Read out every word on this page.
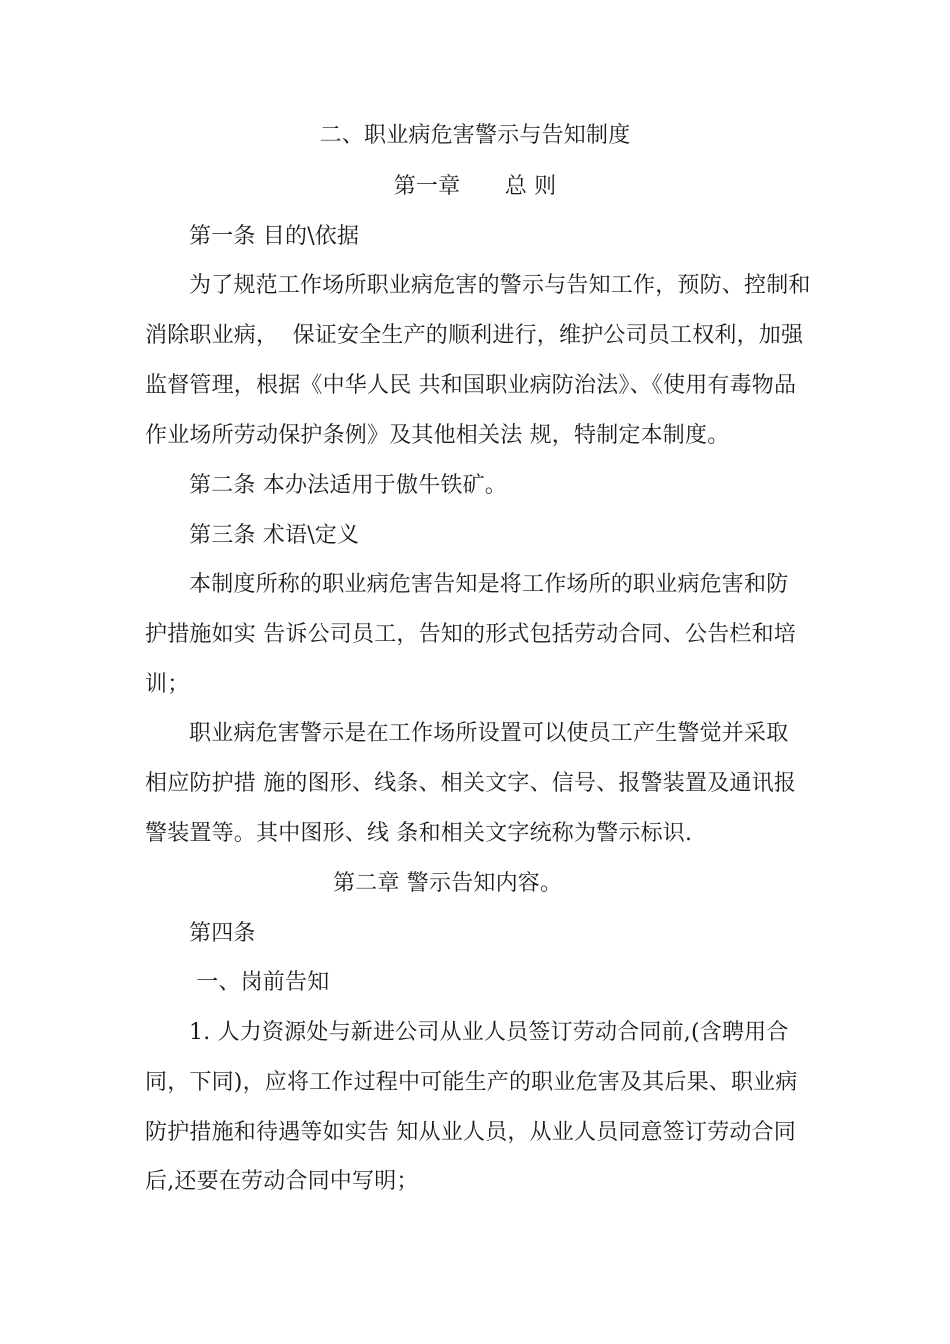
二、职业病危害警示与告知制度
第一章　　总 则
第一条 目的\依据
为了规范工作场所职业病危害的警示与告知工作，预防、控制和
消除职业病，  保证安全生产的顺利进行，维护公司员工权利，加强
监督管理，根据《中华人民 共和国职业病防治法》、《使用有毒物品
作业场所劳动保护条例》及其他相关法 规，特制定本制度。
第二条 本办法适用于傲牛铁矿。
第三条 术语\定义
本制度所称的职业病危害告知是将工作场所的职业病危害和防
护措施如实 告诉公司员工，告知的形式包括劳动合同、公告栏和培
训；
职业病危害警示是在工作场所设置可以使员工产生警觉并采取
相应防护措 施的图形、线条、相关文字、信号、报警装置及通讯报
警装置等。其中图形、线 条和相关文字统称为警示标识.
第二章 警示告知内容。
第四条
一、岗前告知
1. 人力资源处与新进公司从业人员签订劳动合同前,(含聘用合
同，下同)，应将工作过程中可能生产的职业危害及其后果、职业病
防护措施和待遇等如实告 知从业人员，从业人员同意签订劳动合同
后,还要在劳动合同中写明；
